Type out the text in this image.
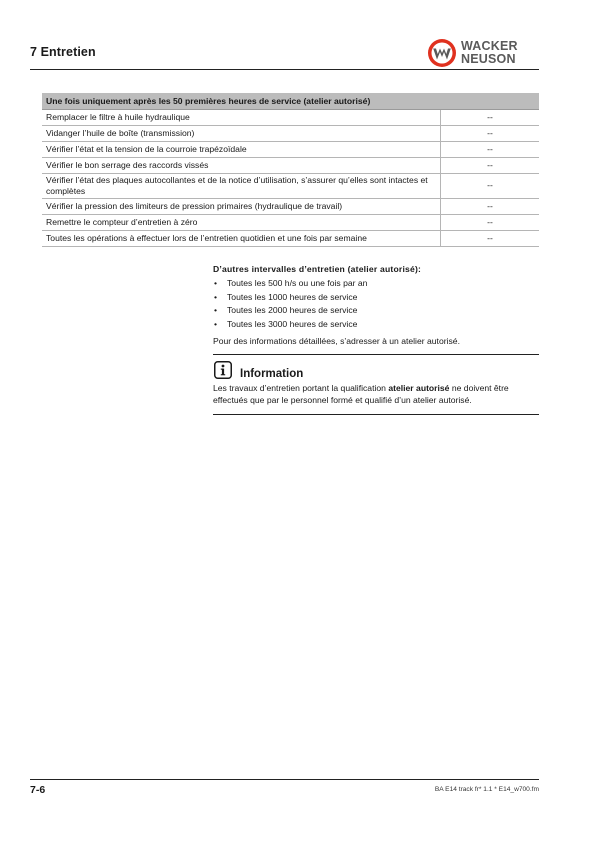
7 Entretien	WACKER
NEUSON
Une fois uniquement après les 50 premières heures de service (atelier autorisé)	
Remplacer le filtre à huile hydraulique	--
Vidanger l’huile de boîte (transmission)	--
Vérifier l’état et la tension de la courroie trapézoïdale	--
Vérifier le bon serrage des raccords vissés	--
Vérifier l’état des plaques autocollantes et de la notice d’utilisation, s’assurer qu’elles sont intactes et complètes	--
Vérifier la pression des limiteurs de pression primaires (hydraulique de travail)	--
Remettre le compteur d’entretien à zéro	--
Toutes les opérations à effectuer lors de l’entretien quotidien et une fois par semaine	--
D’autres intervalles d’entretien (atelier autorisé):
• Toutes les 500 h/s ou une fois par an
• Toutes les 1000 heures de service
• Toutes les 2000 heures de service
• Toutes les 3000 heures de service
Pour des informations détaillées, s’adresser à un atelier autorisé.
Information
Les travaux d’entretien portant la qualification atelier autorisé ne doivent être effectués que par le personnel formé et qualifié d’un atelier autorisé.
7-6	BA E14 track fr* 1.1 * E14_w700.fm
